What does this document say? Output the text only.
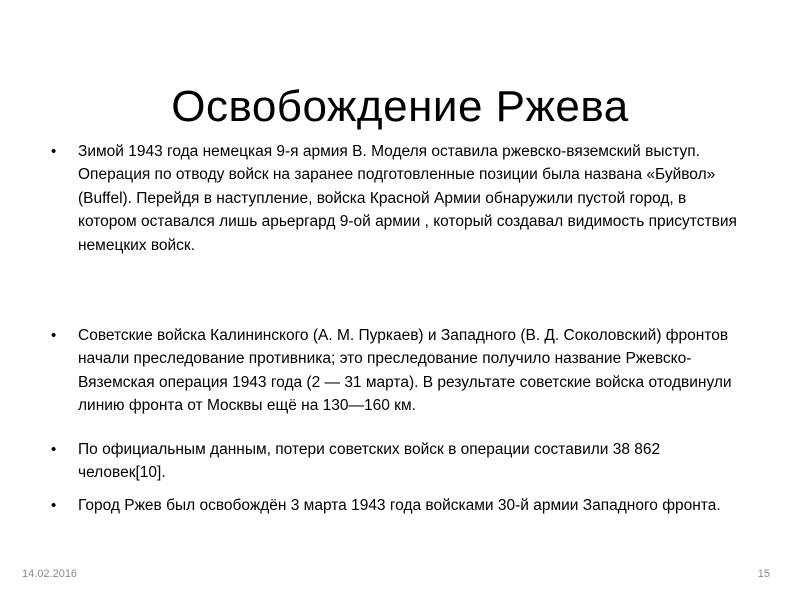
Освобождение Ржева
• Зимой 1943 года немецкая 9-я армия В. Моделя оставила ржевско-вяземский выступ. Операция по отводу войск на заранее подготовленные позиции была названа «Буйвол» (Buffel). Перейдя в наступление, войска Красной Армии обнаружили пустой город, в котором оставался лишь арьергард 9-ой армии , который создавал видимость присутствия немецких войск.
• Советские войска Калининского (А. М. Пуркаев) и Западного (В. Д. Соколовский) фронтов начали преследование противника; это преследование получило название Ржевско-Вяземская операция 1943 года (2 — 31 марта). В результате советские войска отодвинули линию фронта от Москвы ещё на 130—160 км.
• По официальным данным, потери советских войск в операции составили 38 862 человек[10].
• Город Ржев был освобождён 3 марта 1943 года войсками 30-й армии Западного фронта.
14.02.2016	15
